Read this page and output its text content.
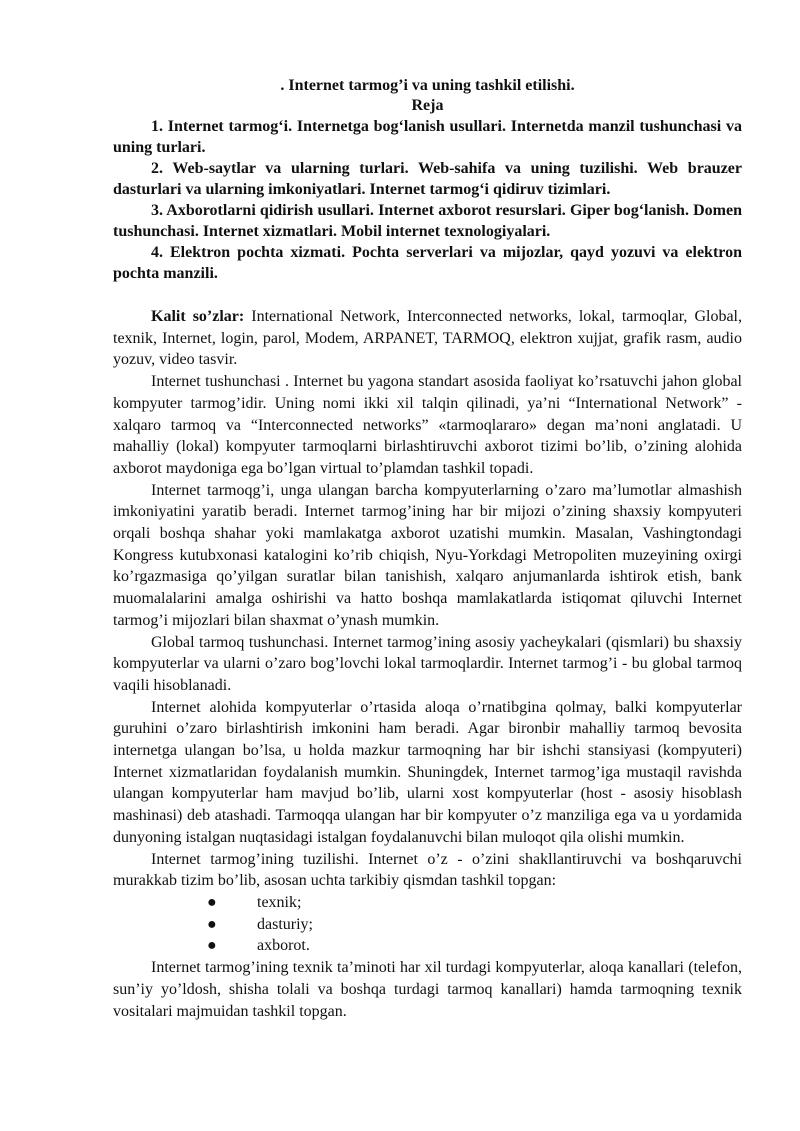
. Internet tarmog’i va uning tashkil etilishi.
Reja
1. Internet tarmog‘i. Internetga bog‘lanish usullari. Internetda manzil tushunchasi va uning turlari.
2. Web-saytlar va ularning turlari. Web-sahifa va uning tuzilishi. Web brauzer dasturlari va ularning imkoniyatlari. Internet tarmog‘i qidiruv tizimlari.
3. Axborotlarni qidirish usullari. Internet axborot resurslari. Giper bog‘lanish. Domen tushunchasi. Internet xizmatlari. Mobil internet texnologiyalari.
4. Elektron pochta xizmati. Pochta serverlari va mijozlar, qayd yozuvi va elektron pochta manzili.

Kalit so’zlar: International Network, Interconnected networks, lokal, tarmoqlar, Global, texnik, Internet, login, parol, Modem, ARPANET, TARMOQ, elektron xujjat, grafik rasm, audio yozuv, video tasvir.

Internet tushunchasi . Internet bu yagona standart asosida faoliyat ko’rsatuvchi jahon global kompyuter tarmog’idir. Uning nomi ikki xil talqin qilinadi, ya’ni “International Network” - xalqaro tarmoq va “Interconnected networks” «tarmoqlararo» degan ma’noni anglatadi. U mahalliy (lokal) kompyuter tarmoqlarni birlashtiruvchi axborot tizimi bo’lib, o’zining alohida axborot maydoniga ega bo’lgan virtual to’plamdan tashkil topadi.

Internet tarmoqg’i, unga ulangan barcha kompyuterlarning o’zaro ma’lumotlar almashish imkoniyatini yaratib beradi. Internet tarmog’ining har bir mijozi o’zining shaxsiy kompyuteri orqali boshqa shahar yoki mamlakatga axborot uzatishi mumkin. Masalan, Vashingtondagi Kongress kutubxonasi katalogini ko’rib chiqish, Nyu-Yorkdagi Metropoliten muzeyining oxirgi ko’rgazmasiga qo’yilgan suratlar bilan tanishish, xalqaro anjumanlarda ishtirok etish, bank muomalalarini amalga oshirishi va hatto boshqa mamlakatlarda istiqomat qiluvchi Internet tarmog’i mijozlari bilan shaxmat o’ynash mumkin.

Global tarmoq tushunchasi. Internet tarmog’ining asosiy yacheykalari (qismlari) bu shaxsiy kompyuterlar va ularni o’zaro bog’lovchi lokal tarmoqlardir. Internet tarmog’i - bu global tarmoq vaqili hisoblanadi.

Internet alohida kompyuterlar o’rtasida aloqa o’rnatibgina qolmay, balki kompyuterlar guruhini o’zaro birlashtirish imkonini ham beradi. Agar bironbir mahalliy tarmoq bevosita internetga ulangan bo’lsa, u holda mazkur tarmoqning har bir ishchi stansiyasi (kompyuteri) Internet xizmatlaridan foydalanish mumkin. Shuningdek, Internet tarmog’iga mustaqil ravishda ulangan kompyuterlar ham mavjud bo’lib, ularni xost kompyuterlar (host - asosiy hisoblash mashinasi) deb atashadi. Tarmoqqa ulangan har bir kompyuter o’z manziliga ega va u yordamida dunyoning istalgan nuqtasidagi istalgan foydalanuvchi bilan muloqot qila olishi mumkin.

Internet tarmog’ining tuzilishi. Internet o’z - o’zini shakllantiruvchi va boshqaruvchi murakkab tizim bo’lib, asosan uchta tarkibiy qismdan tashkil topgan:

●	texnik;
●	dasturiy;
●	axborot.

Internet tarmog’ining texnik ta’minoti har xil turdagi kompyuterlar, aloqa kanallari (telefon, sun’iy yo’ldosh, shisha tolali va boshqa turdagi tarmoq kanallari) hamda tarmoqning texnik vositalari majmuidan tashkil topgan.
